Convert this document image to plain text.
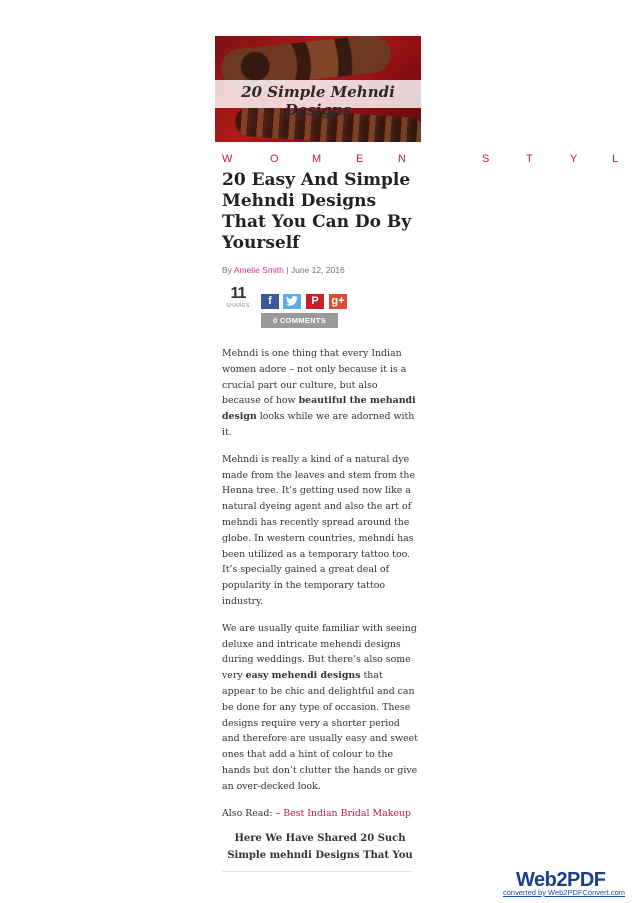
20 Simple Mehndi Designs
W	O	M	E	N	S	T	Y	L
20 Easy And Simple Mehndi Designs That You Can Do By Yourself
By Amelie Smith | June 12, 2016
11
SHARES	f	P	g+
0 COMMENTS

Mehndi is one thing that every Indian women adore – not only because it is a crucial part our culture, but also because of how beautiful the mehandi design looks while we are adorned with it.

Mehndi is really a kind of a natural dye made from the leaves and stem from the Henna tree. It’s getting used now like a natural dyeing agent and also the art of mehndi has recently spread around the globe. In western countries, mehndi has been utilized as a temporary tattoo too. It’s specially gained a great deal of popularity in the temporary tattoo industry.

We are usually quite familiar with seeing deluxe and intricate mehendi designs during weddings. But there’s also some very easy mehendi designs that appear to be chic and delightful and can be done for any type of occasion. These designs require very a shorter period and therefore are usually easy and sweet ones that add a hint of colour to the hands but don’t clutter the hands or give an over-decked look.

Also Read: – Best Indian Bridal Makeup

Here We Have Shared 20 Such Simple mehndi Designs That You
Web2PDF
converted by Web2PDFConvert.com
